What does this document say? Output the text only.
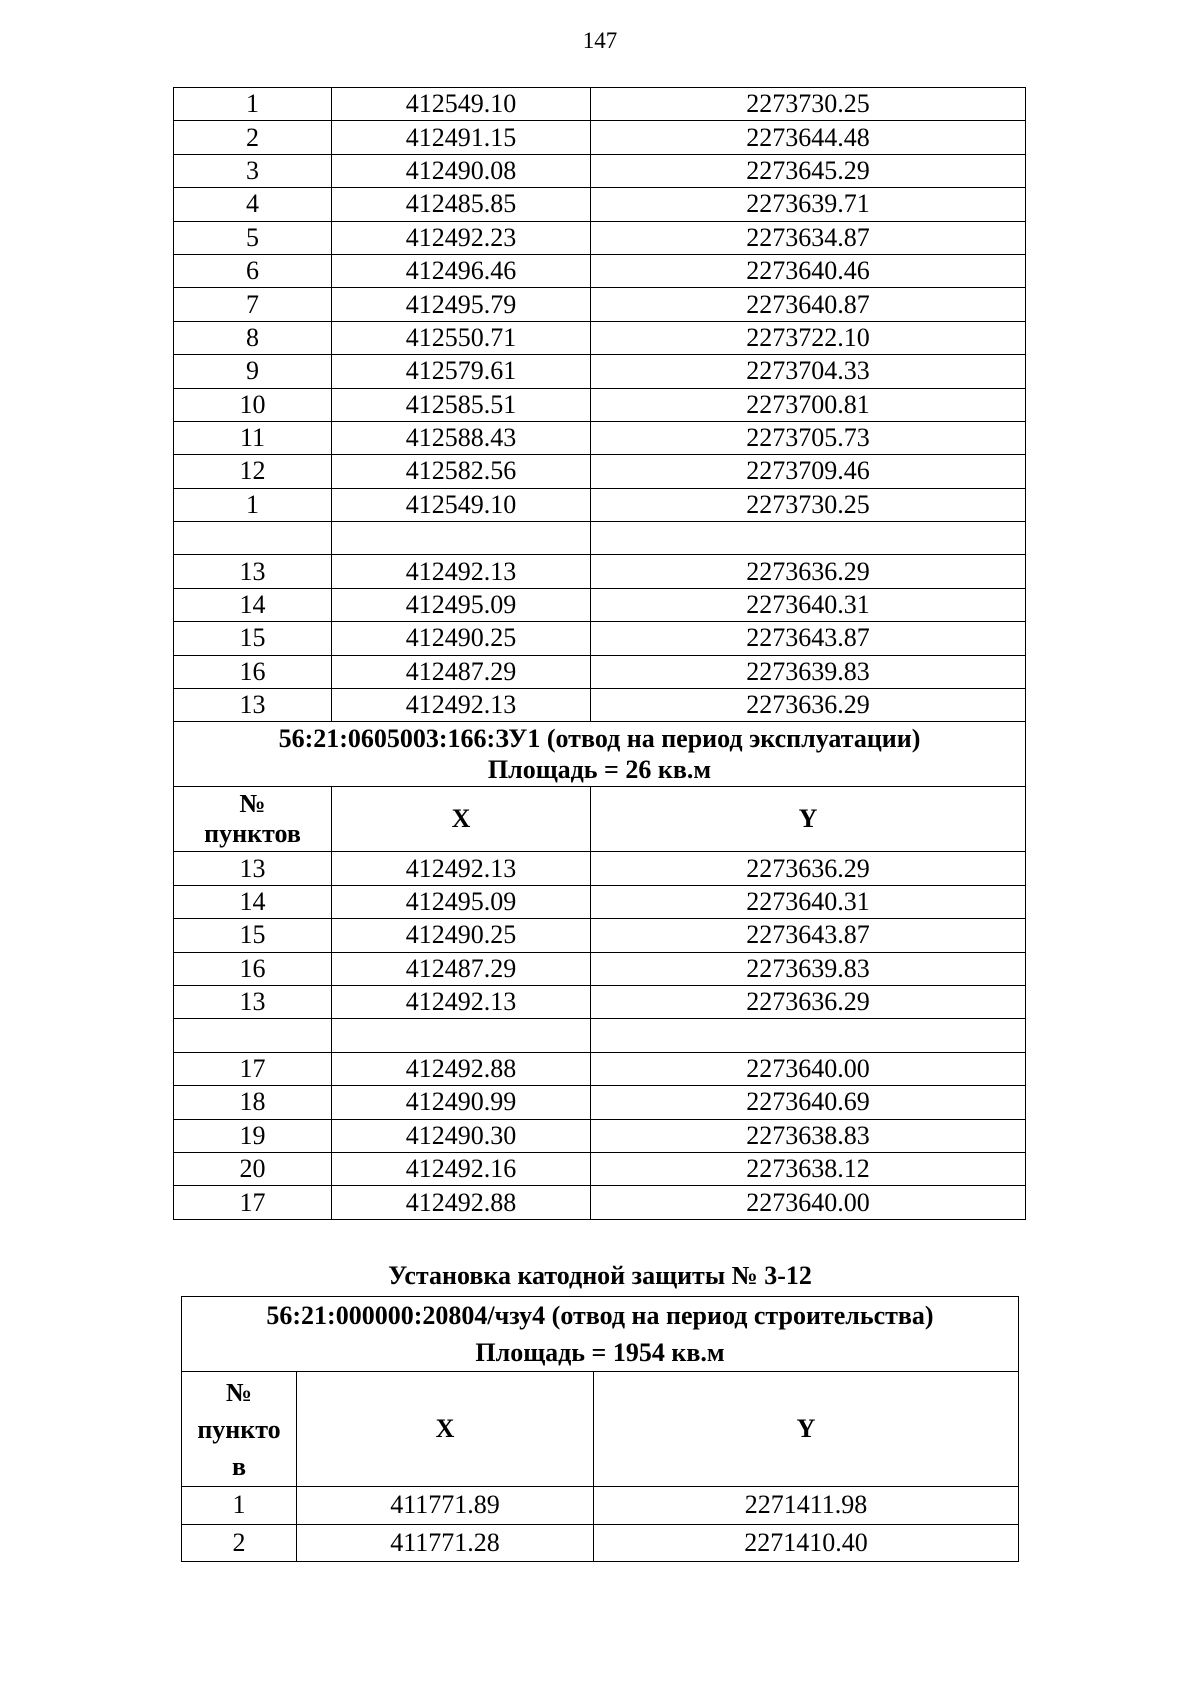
147
1	412549.10	2273730.25
2	412491.15	2273644.48
3	412490.08	2273645.29
4	412485.85	2273639.71
5	412492.23	2273634.87
6	412496.46	2273640.46
7	412495.79	2273640.87
8	412550.71	2273722.10
9	412579.61	2273704.33
10	412585.51	2273700.81
11	412588.43	2273705.73
12	412582.56	2273709.46
1	412549.10	2273730.25

13	412492.13	2273636.29
14	412495.09	2273640.31
15	412490.25	2273643.87
16	412487.29	2273639.83
13	412492.13	2273636.29

56:21:0605003:166:ЗУ1 (отвод на период эксплуатации)
Площадь = 26 кв.м		

№
пунктов	X	Y
13	412492.13	2273636.29
14	412495.09	2273640.31
15	412490.25	2273643.87
16	412487.29	2273639.83
13	412492.13	2273636.29

17	412492.88	2273640.00
18	412490.99	2273640.69
19	412490.30	2273638.83
20	412492.16	2273638.12
17	412492.88	2273640.00
Установка катодной защиты № 3-12
56:21:000000:20804/чзу4 (отвод на период строительства)
Площадь = 1954 кв.м		

№
пункто
в	X	Y
1	411771.89	2271411.98
2	411771.28	2271410.40
